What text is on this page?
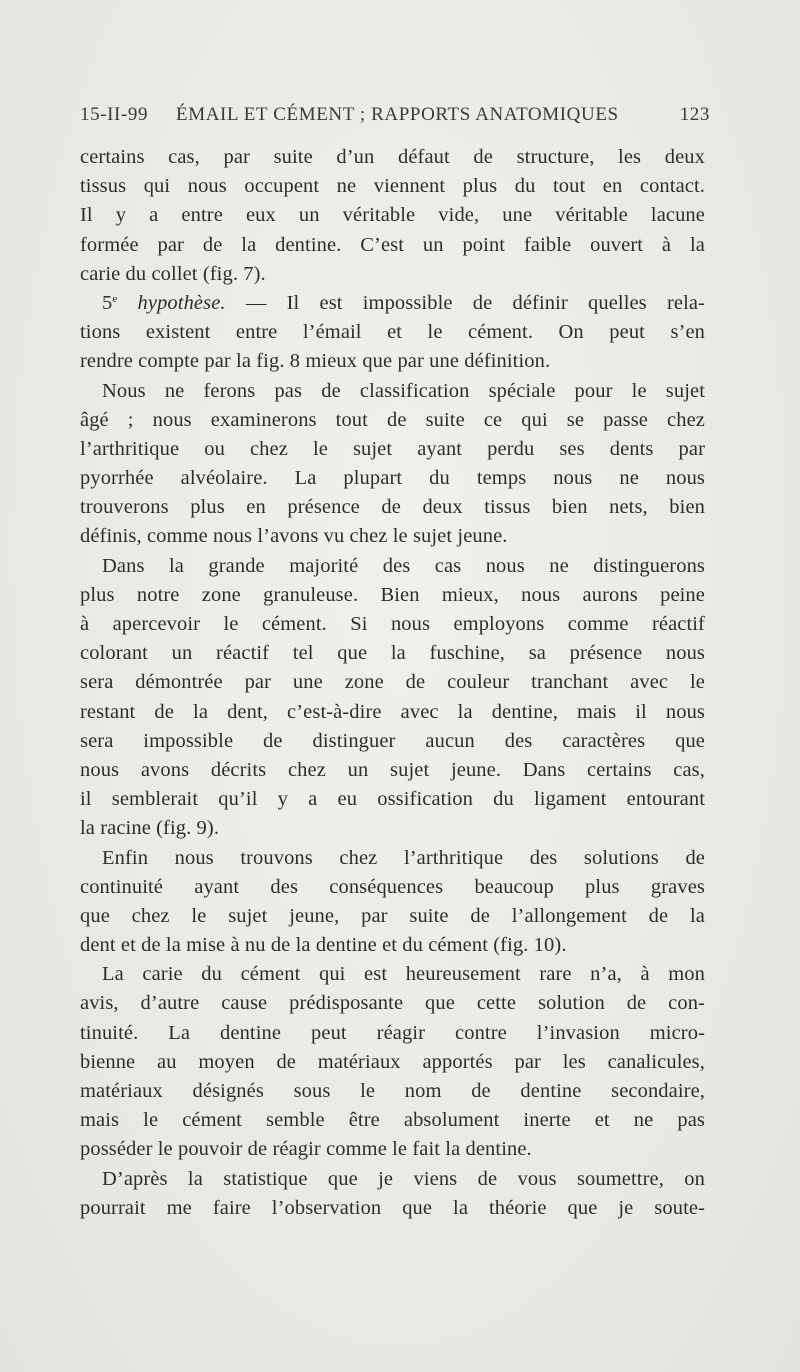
15-II-99 ÉMAIL ET CÉMENT ; RAPPORTS ANATOMIQUES	123
certains cas, par suite d’un défaut de structure, les deux
tissus qui nous occupent ne viennent plus du tout en contact.
Il y a entre eux un véritable vide, une véritable lacune
formée par de la dentine. C’est un point faible ouvert à la
carie du collet (fig. 7).
5e hypothèse. — Il est impossible de définir quelles rela-
tions existent entre l’émail et le cément. On peut s’en
rendre compte par la fig. 8 mieux que par une définition.
Nous ne ferons pas de classification spéciale pour le sujet
âgé ; nous examinerons tout de suite ce qui se passe chez
l’arthritique ou chez le sujet ayant perdu ses dents par
pyorrhée alvéolaire. La plupart du temps nous ne nous
trouverons plus en présence de deux tissus bien nets, bien
définis, comme nous l’avons vu chez le sujet jeune.
Dans la grande majorité des cas nous ne distinguerons
plus notre zone granuleuse. Bien mieux, nous aurons peine
à apercevoir le cément. Si nous employons comme réactif
colorant un réactif tel que la fuschine, sa présence nous
sera démontrée par une zone de couleur tranchant avec le
restant de la dent, c’est-à-dire avec la dentine, mais il nous
sera impossible de distinguer aucun des caractères que
nous avons décrits chez un sujet jeune. Dans certains cas,
il semblerait qu’il y a eu ossification du ligament entourant
la racine (fig. 9).
Enfin nous trouvons chez l’arthritique des solutions de
continuité ayant des conséquences beaucoup plus graves
que chez le sujet jeune, par suite de l’allongement de la
dent et de la mise à nu de la dentine et du cément (fig. 10).
La carie du cément qui est heureusement rare n’a, à mon
avis, d’autre cause prédisposante que cette solution de con-
tinuité. La dentine peut réagir contre l’invasion micro-
bienne au moyen de matériaux apportés par les canalicules,
matériaux désignés sous le nom de dentine secondaire,
mais le cément semble être absolument inerte et ne pas
posséder le pouvoir de réagir comme le fait la dentine.
D’après la statistique que je viens de vous soumettre, on
pourrait me faire l’observation que la théorie que je soute-
